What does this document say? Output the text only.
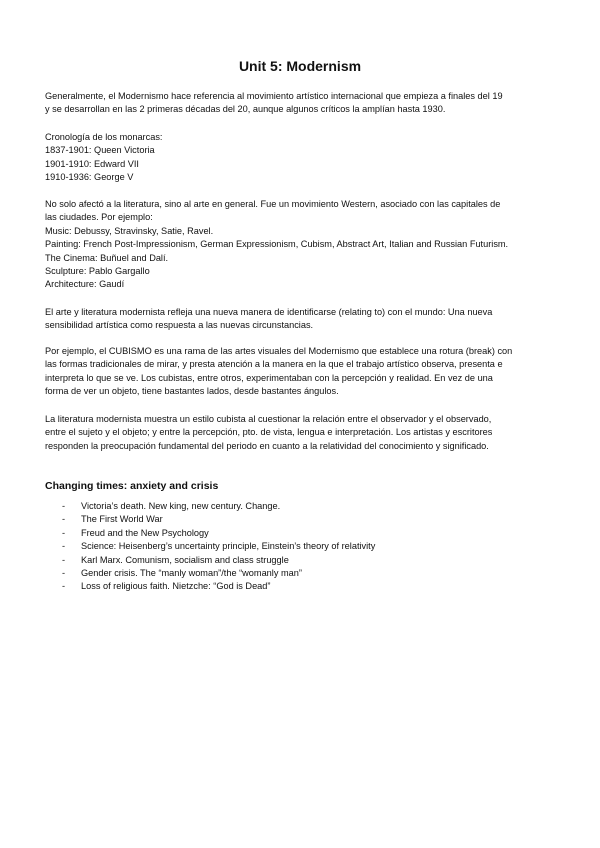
Unit 5: Modernism
Generalmente, el Modernismo hace referencia al movimiento artístico internacional que empieza a finales del 19
y se desarrollan en las 2 primeras décadas del 20, aunque algunos críticos la amplían hasta 1930.
Cronología de los monarcas:
1837-1901: Queen Victoria
1901-1910: Edward VII
1910-1936: George V
No solo afectó a la literatura, sino al arte en general. Fue un movimiento Western, asociado con las capitales de
las ciudades. Por ejemplo:
Music: Debussy, Stravinsky, Satie, Ravel.
Painting: French Post-Impressionism, German Expressionism, Cubism, Abstract Art, Italian and Russian Futurism.
The Cinema: Buñuel and Dalí.
Sculpture: Pablo Gargallo
Architecture: Gaudí
El arte y literatura modernista refleja una nueva manera de identificarse (relating to) con el mundo: Una nueva
sensibilidad artística como respuesta a las nuevas circunstancias.
Por ejemplo, el CUBISMO es una rama de las artes visuales del Modernismo que establece una rotura (break) con
las formas tradicionales de mirar, y presta atención a la manera en la que el trabajo artístico observa, presenta e
interpreta lo que se ve. Los cubistas, entre otros, experimentaban con la percepción y realidad. En vez de una
forma de ver un objeto, tiene bastantes lados, desde bastantes ángulos.
La literatura modernista muestra un estilo cubista al cuestionar la relación entre el observador y el observado,
entre el sujeto y el objeto; y entre la percepción, pto. de vista, lengua e interpretación. Los artistas y escritores
responden la preocupación fundamental del periodo en cuanto a la relatividad del conocimiento y significado.
Changing times: anxiety and crisis
- Victoria’s death. New king, new century. Change.
- The First World War
- Freud and the New Psychology
- Science: Heisenberg’s uncertainty principle, Einstein’s theory of relativity
- Karl Marx. Comunism, socialism and class struggle
- Gender crisis. The “manly woman”/the “womanly man”
- Loss of religious faith. Nietzche: “God is Dead”
